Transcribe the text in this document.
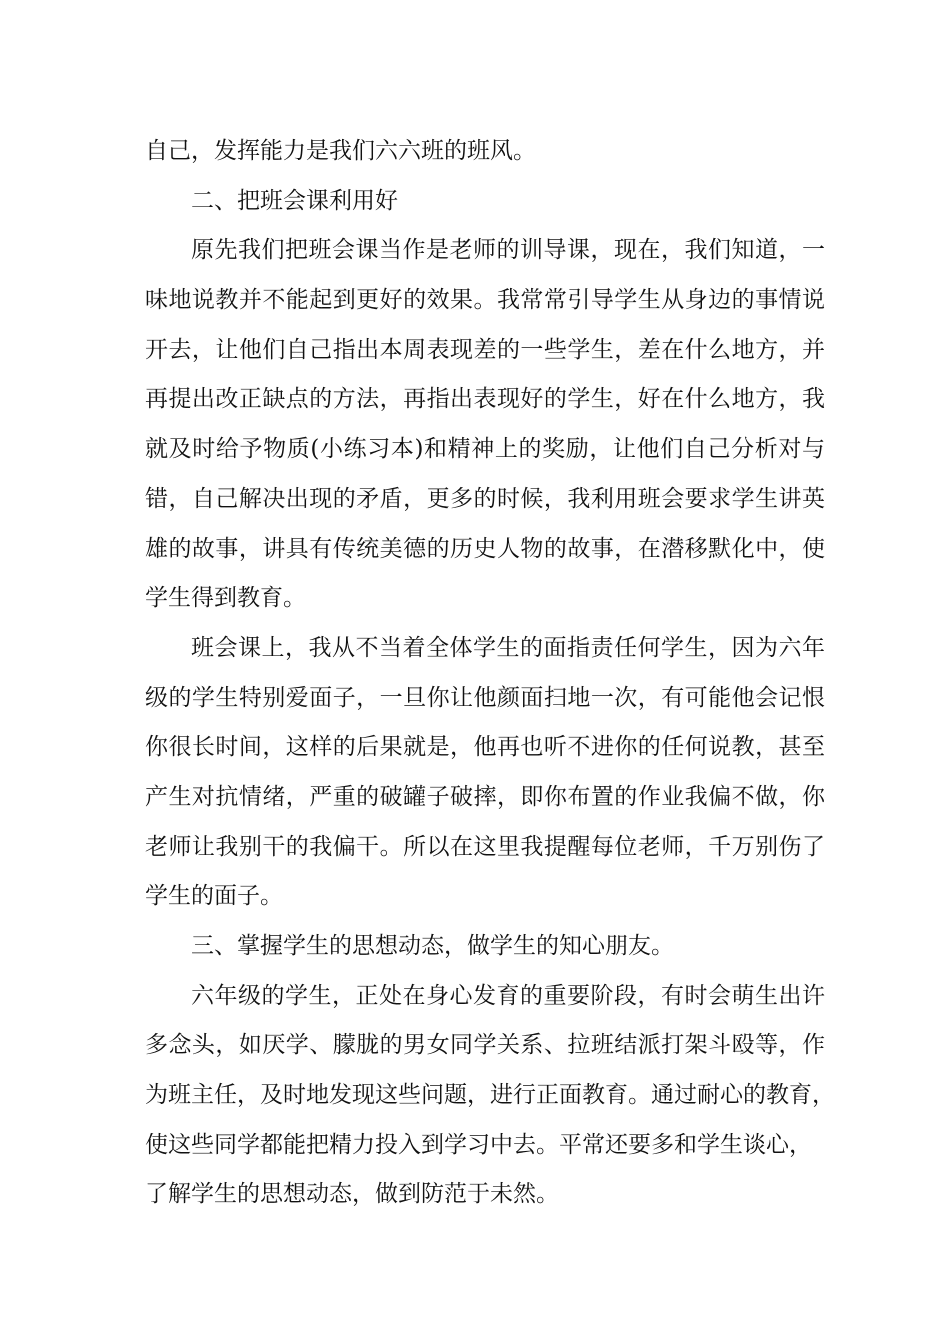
自己，发挥能力是我们六六班的班风。
二、把班会课利用好
原先我们把班会课当作是老师的训导课，现在，我们知道，一
味地说教并不能起到更好的效果。我常常引导学生从身边的事情说
开去，让他们自己指出本周表现差的一些学生，差在什么地方，并
再提出改正缺点的方法，再指出表现好的学生，好在什么地方，我
就及时给予物质(小练习本)和精神上的奖励，让他们自己分析对与
错，自己解决出现的矛盾，更多的时候，我利用班会要求学生讲英
雄的故事，讲具有传统美德的历史人物的故事，在潜移默化中，使
学生得到教育。
班会课上，我从不当着全体学生的面指责任何学生，因为六年
级的学生特别爱面子，一旦你让他颜面扫地一次，有可能他会记恨
你很长时间，这样的后果就是，他再也听不进你的任何说教，甚至
产生对抗情绪，严重的破罐子破摔，即你布置的作业我偏不做，你
老师让我别干的我偏干。所以在这里我提醒每位老师，千万别伤了
学生的面子。
三、掌握学生的思想动态，做学生的知心朋友。
六年级的学生，正处在身心发育的重要阶段，有时会萌生出许
多念头，如厌学、朦胧的男女同学关系、拉班结派打架斗殴等，作
为班主任，及时地发现这些问题，进行正面教育。通过耐心的教育，
使这些同学都能把精力投入到学习中去。平常还要多和学生谈心，
了解学生的思想动态，做到防范于未然。
